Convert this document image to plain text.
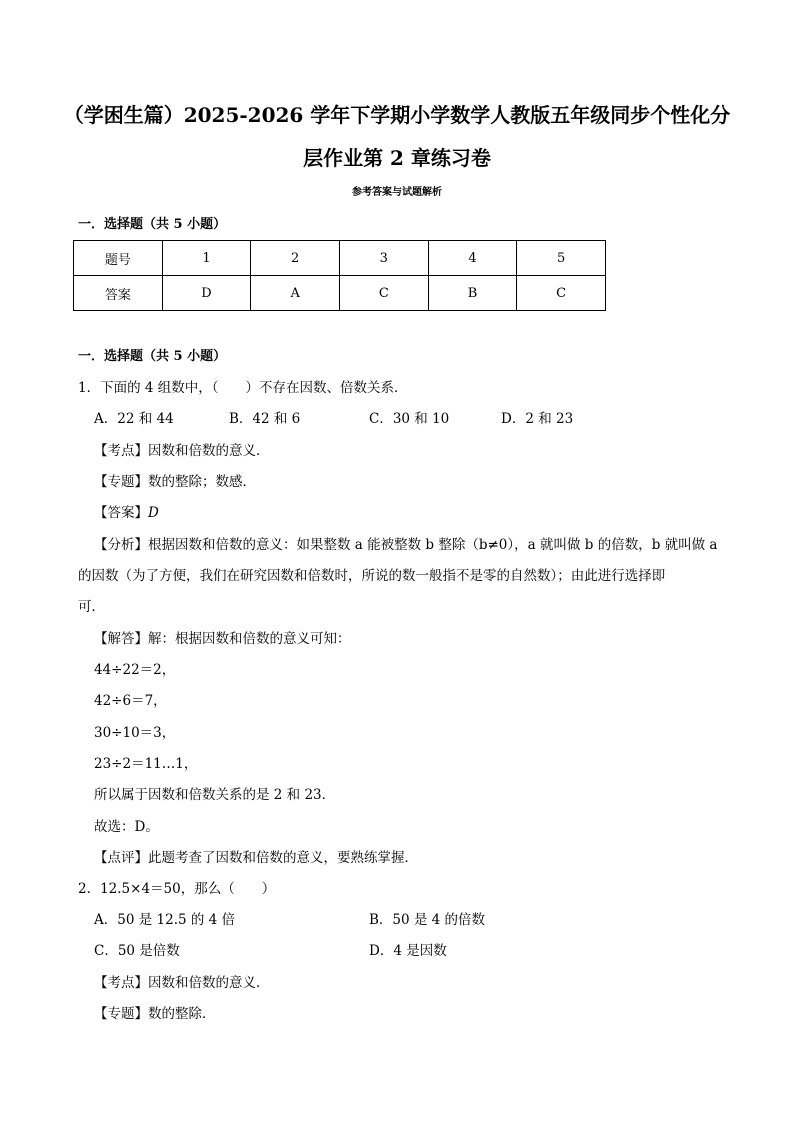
（学困生篇）2025-2026 学年下学期小学数学人教版五年级同步个性化分

层作业第 2 章练习卷

参考答案与试题解析
一．选择题（共 5 小题）
题号	1	2	3	4	5
答案	D	A	C	B	C
一．选择题（共 5 小题）
1．下面的 4 组数中，（　　）不存在因数、倍数关系．
A．22 和 44	B．42 和 6	C．30 和 10	D．2 和 23
【考点】因数和倍数的意义．
【专题】数的整除；数感．
【答案】D
【分析】根据因数和倍数的意义：如果整数 a 能被整数 b 整除（b≠0），a 就叫做 b 的倍数，b 就叫做 a
的因数（为了方便，我们在研究因数和倍数时，所说的数一般指不是零的自然数）；由此进行选择即
可．
【解答】解：根据因数和倍数的意义可知：
44÷22＝2，
42÷6＝7，
30÷10＝3，
23÷2＝11…1，
所以属于因数和倍数关系的是 2 和 23．
故选：D。
【点评】此题考查了因数和倍数的意义，要熟练掌握．
2．12.5×4＝50，那么（　　）
A．50 是 12.5 的 4 倍	B．50 是 4 的倍数
C．50 是倍数	D．4 是因数
【考点】因数和倍数的意义．
【专题】数的整除．
